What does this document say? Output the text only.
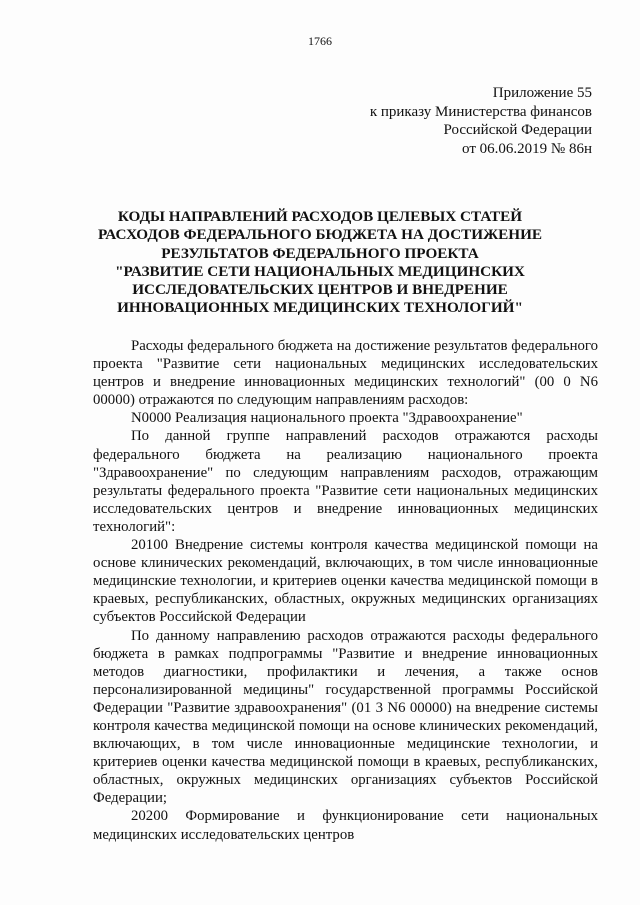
1766
Приложение 55
к приказу Министерства финансов
Российской Федерации
от 06.06.2019 № 86н
КОДЫ НАПРАВЛЕНИЙ РАСХОДОВ ЦЕЛЕВЫХ СТАТЕЙ
РАСХОДОВ ФЕДЕРАЛЬНОГО БЮДЖЕТА НА ДОСТИЖЕНИЕ
РЕЗУЛЬТАТОВ ФЕДЕРАЛЬНОГО ПРОЕКТА
"РАЗВИТИЕ СЕТИ НАЦИОНАЛЬНЫХ МЕДИЦИНСКИХ
ИССЛЕДОВАТЕЛЬСКИХ ЦЕНТРОВ И ВНЕДРЕНИЕ
ИННОВАЦИОННЫХ МЕДИЦИНСКИХ ТЕХНОЛОГИЙ"

Расходы федерального бюджета на достижение результатов федерального проекта "Развитие сети национальных медицинских исследовательских центров и внедрение инновационных медицинских технологий" (00 0 N6 00000) отражаются по следующим направлениям расходов:

N0000 Реализация национального проекта "Здравоохранение"

По данной группе направлений расходов отражаются расходы федерального бюджета на реализацию национального проекта "Здравоохранение" по следующим направлениям расходов, отражающим результаты федерального проекта "Развитие сети национальных медицинских исследовательских центров и внедрение инновационных медицинских технологий":

20100 Внедрение системы контроля качества медицинской помощи на основе клинических рекомендаций, включающих, в том числе инновационные медицинские технологии, и критериев оценки качества медицинской помощи в краевых, республиканских, областных, окружных медицинских организациях субъектов Российской Федерации

По данному направлению расходов отражаются расходы федерального бюджета в рамках подпрограммы "Развитие и внедрение инновационных методов диагностики, профилактики и лечения, а также основ персонализированной медицины" государственной программы Российской Федерации "Развитие здравоохранения" (01 3 N6 00000) на внедрение системы контроля качества медицинской помощи на основе клинических рекомендаций, включающих, в том числе инновационные медицинские технологии, и критериев оценки качества медицинской помощи в краевых, республиканских, областных, окружных медицинских организациях субъектов Российской Федерации;

20200 Формирование и функционирование сети национальных медицинских исследовательских центров
